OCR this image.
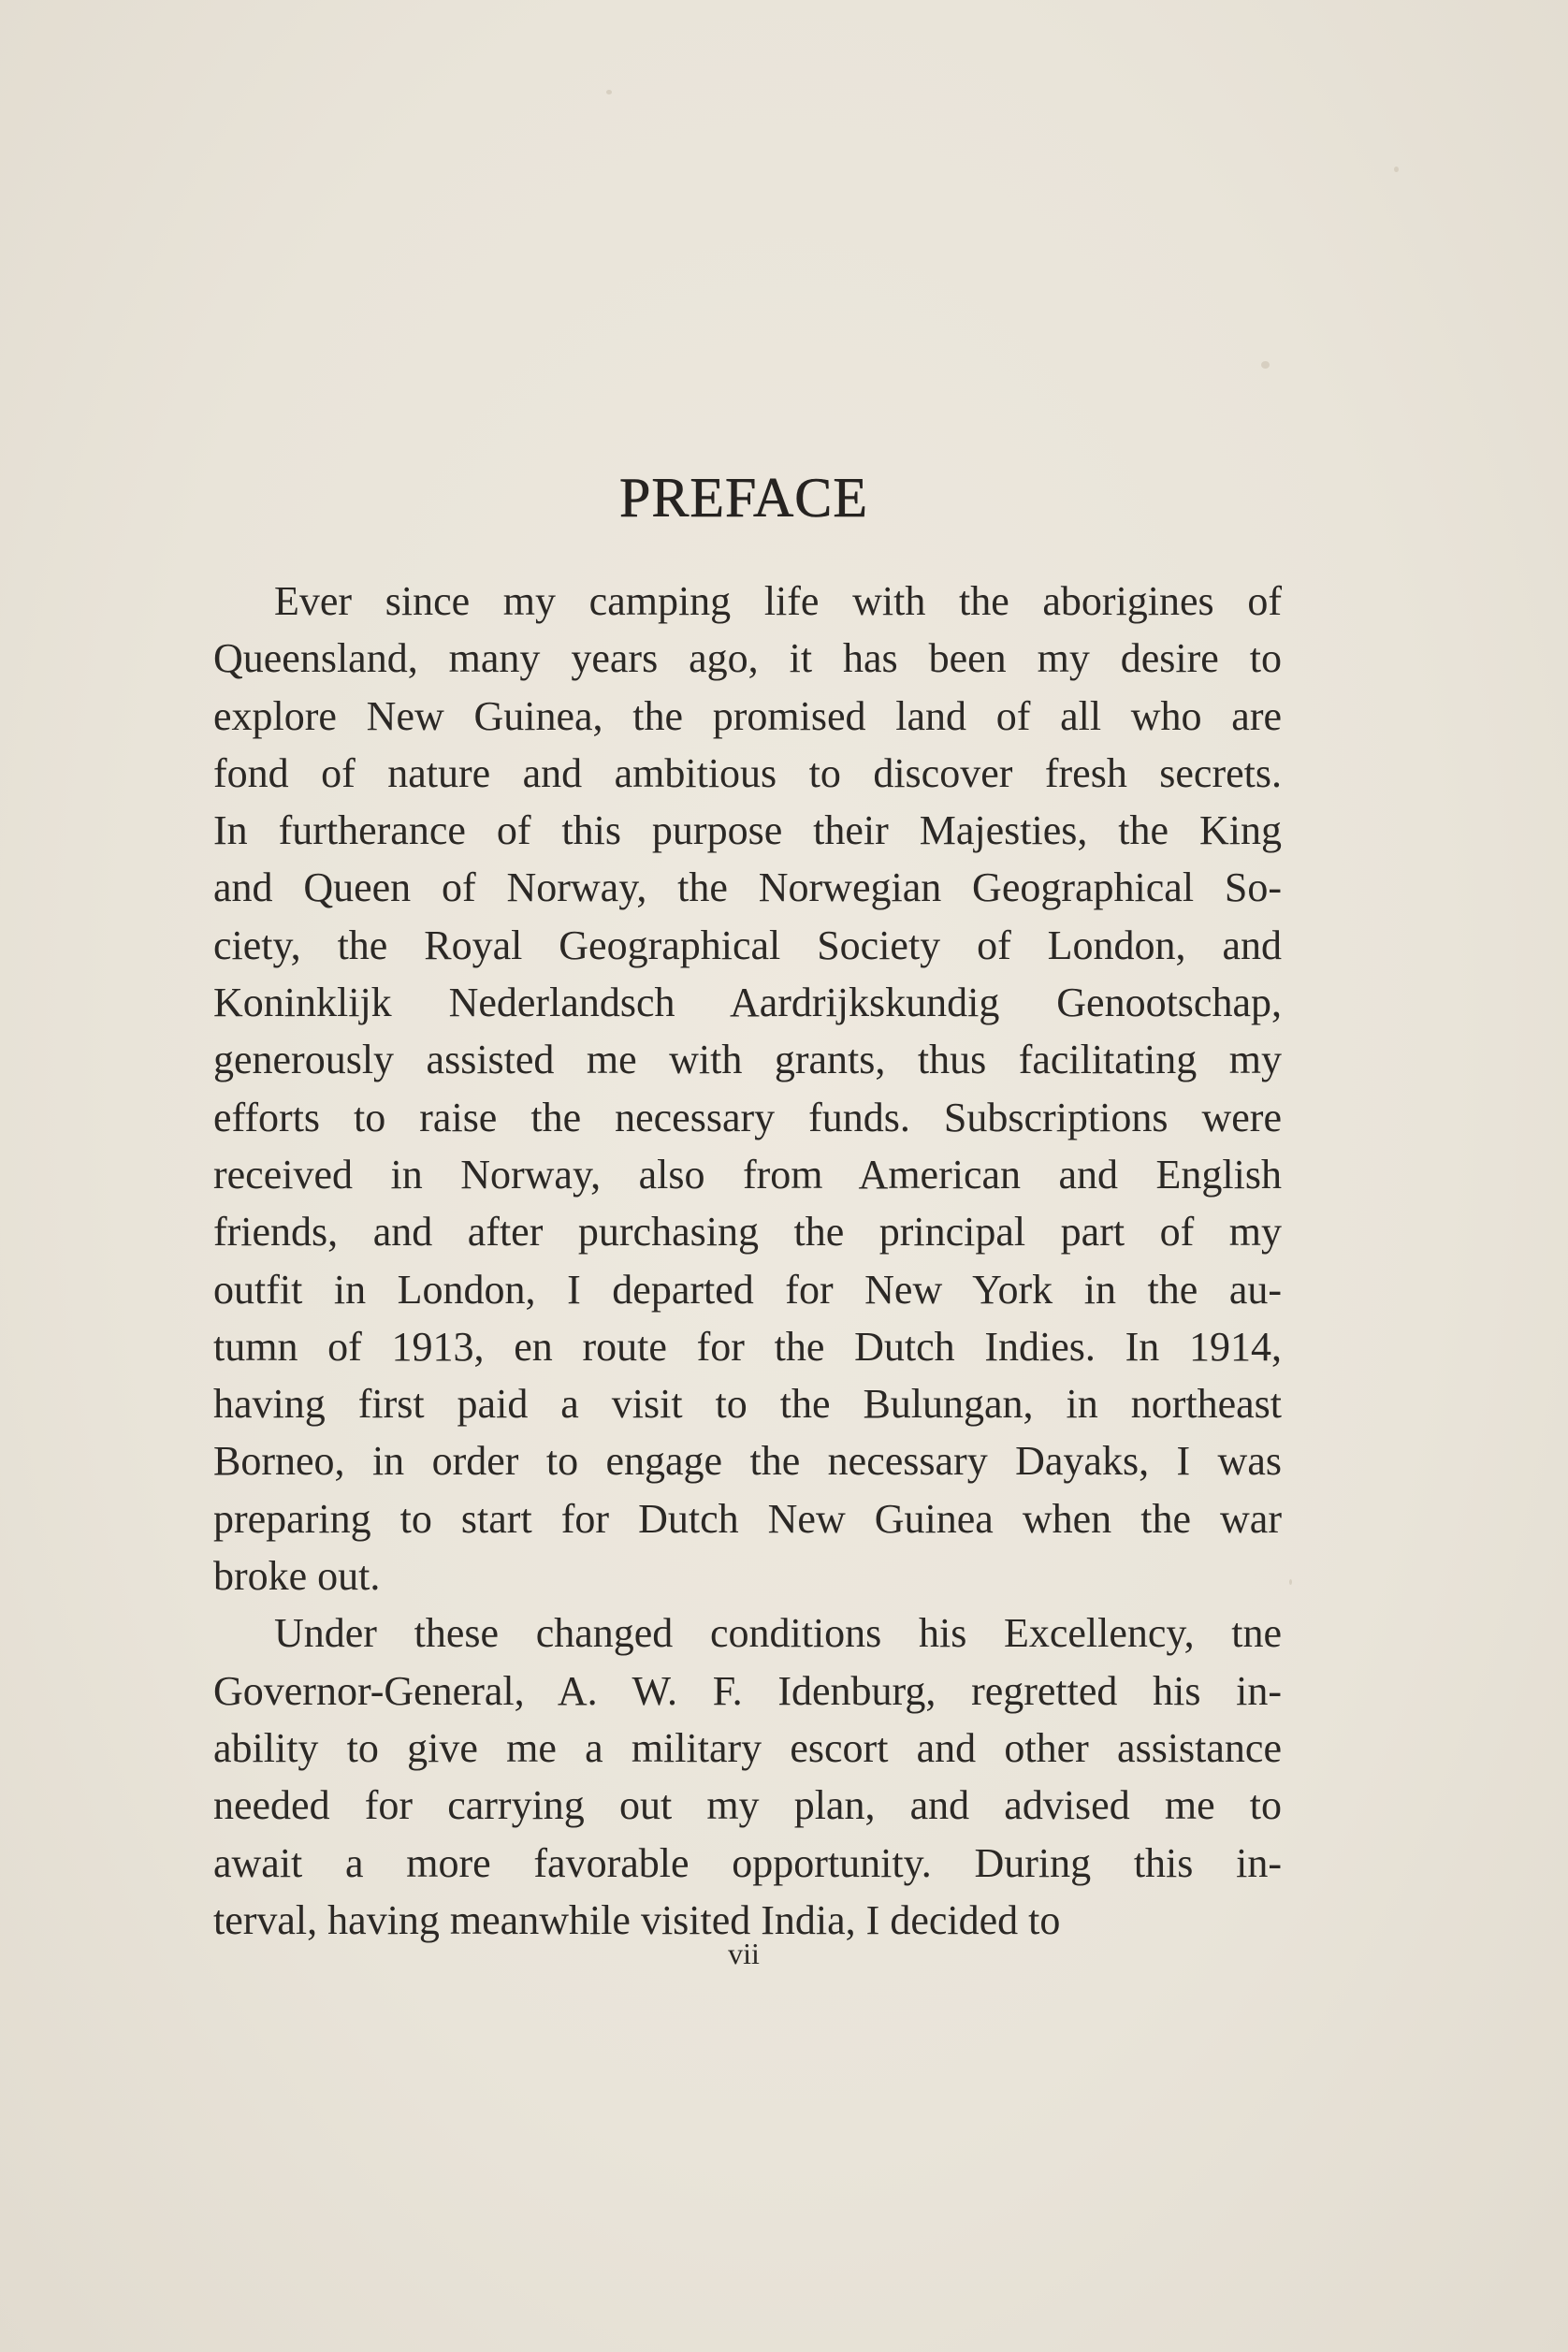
PREFACE
Ever since my camping life with the aborigines of
Queensland, many years ago, it has been my desire to
explore New Guinea, the promised land of all who are
fond of nature and ambitious to discover fresh secrets.
In furtherance of this purpose their Majesties, the King
and Queen of Norway, the Norwegian Geographical So-
ciety, the Royal Geographical Society of London, and
Koninklijk Nederlandsch Aardrijkskundig Genootschap,
generously assisted me with grants, thus facilitating my
efforts to raise the necessary funds. Subscriptions were
received in Norway, also from American and English
friends, and after purchasing the principal part of my
outfit in London, I departed for New York in the au-
tumn of 1913, en route for the Dutch Indies. In 1914,
having first paid a visit to the Bulungan, in northeast
Borneo, in order to engage the necessary Dayaks, I was
preparing to start for Dutch New Guinea when the war
broke out.
Under these changed conditions his Excellency, tne
Governor-General, A. W. F. Idenburg, regretted his in-
ability to give me a military escort and other assistance
needed for carrying out my plan, and advised me to
await a more favorable opportunity. During this in-
terval, having meanwhile visited India, I decided to
vii
